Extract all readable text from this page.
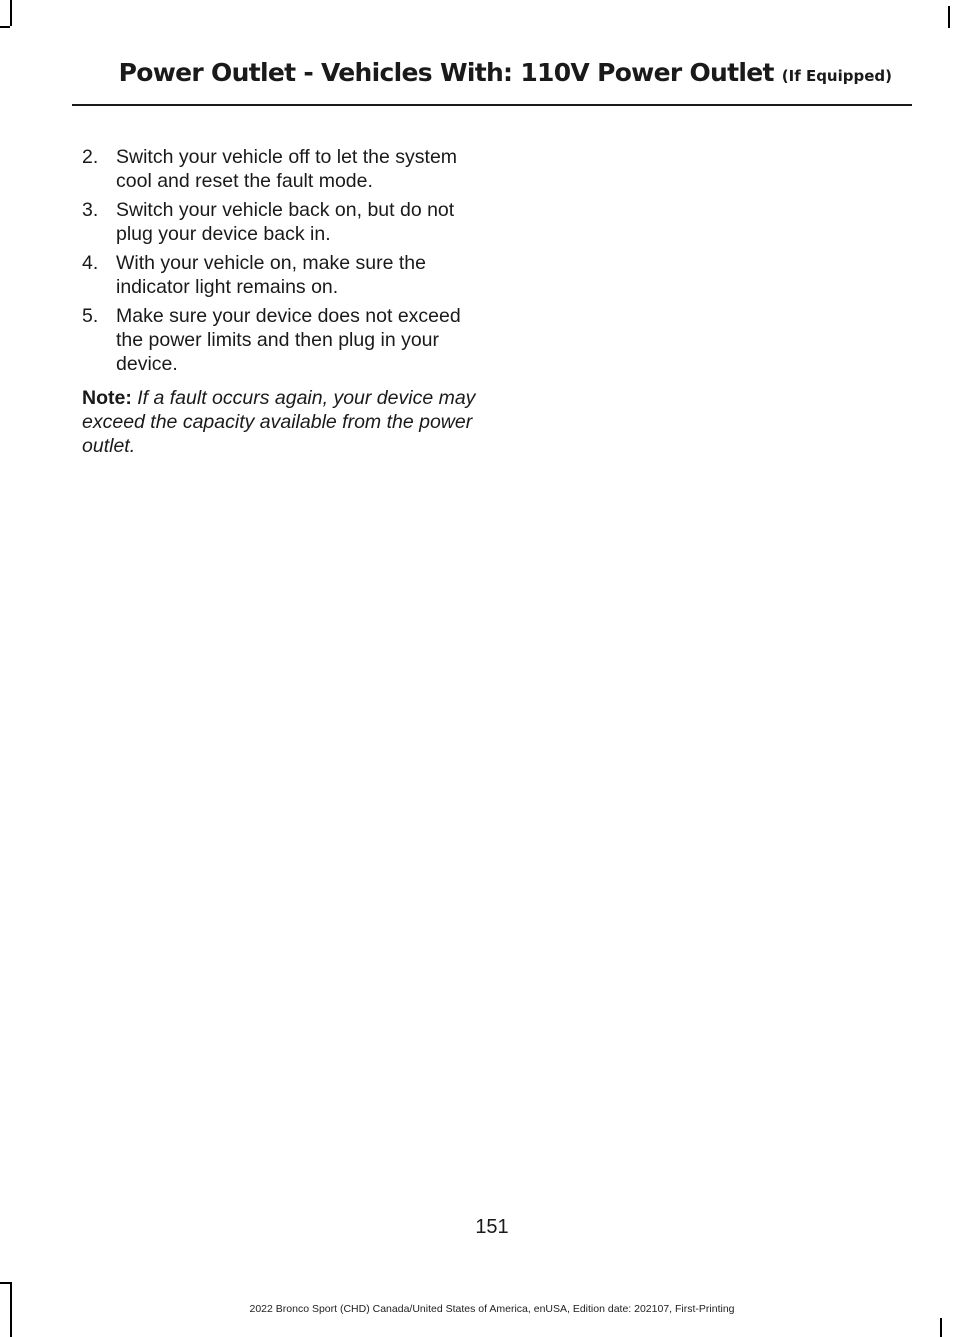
Power Outlet - Vehicles With: 110V Power Outlet (If Equipped)
2. Switch your vehicle off to let the system cool and reset the fault mode.
3. Switch your vehicle back on, but do not plug your device back in.
4. With your vehicle on, make sure the indicator light remains on.
5. Make sure your device does not exceed the power limits and then plug in your device.

Note: If a fault occurs again, your device may exceed the capacity available from the power outlet.

151
2022 Bronco Sport (CHD) Canada/United States of America, enUSA, Edition date: 202107, First-Printing
